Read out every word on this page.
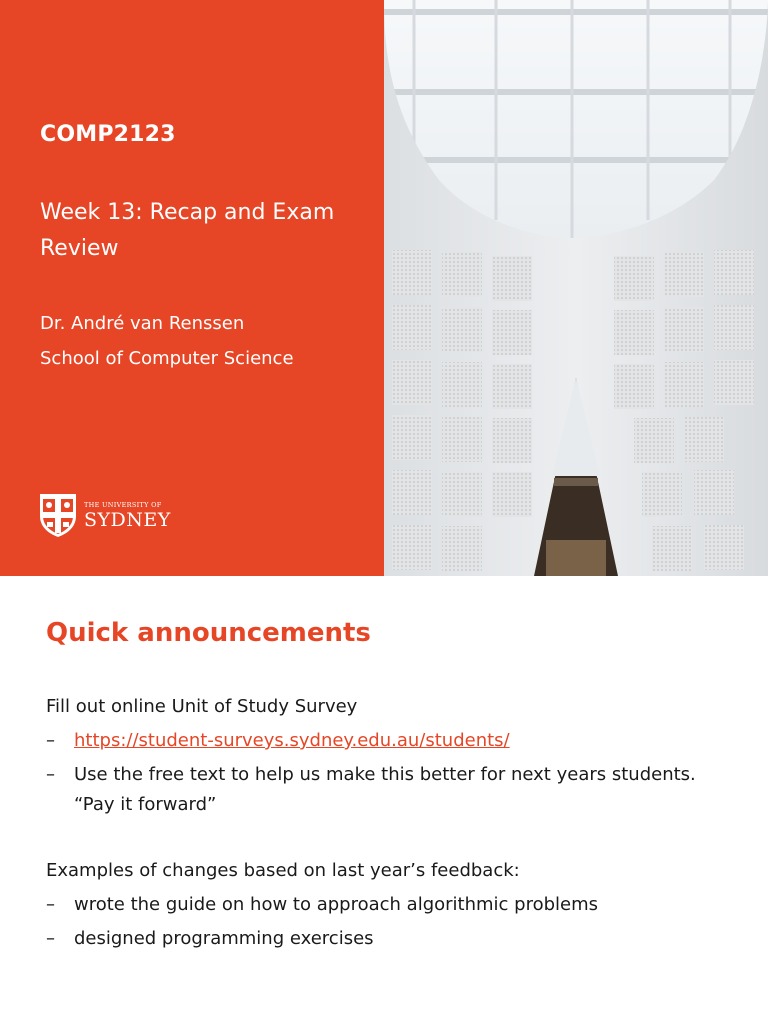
COMP2123
Week 13: Recap and Exam Review
Dr. André van Renssen
School of Computer Science
THE UNIVERSITY OF
SYDNEY
Quick announcements
Fill out online Unit of Study Survey
–	https://student-surveys.sydney.edu.au/students/
–	Use the free text to help us make this better for next years students. “Pay it forward”
Examples of changes based on last year’s feedback:
–	wrote the guide on how to approach algorithmic problems
–	designed programming exercises
